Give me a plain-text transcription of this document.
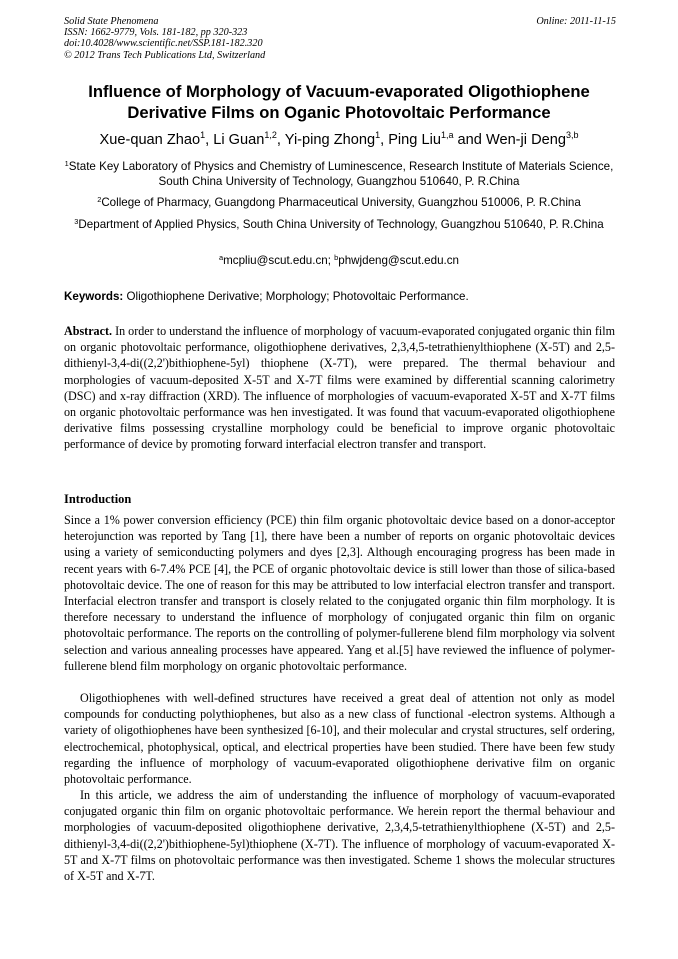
Solid State Phenomena
ISSN: 1662-9779, Vols. 181-182, pp 320-323
doi:10.4028/www.scientific.net/SSP.181-182.320
© 2012 Trans Tech Publications Ltd, Switzerland
Online: 2011-11-15
Influence of Morphology of Vacuum-evaporated Oligothiophene
Derivative Films on Oganic Photovoltaic Performance
Xue-quan Zhao$^1$, Li Guan$^{1,2}$, Yi-ping Zhong$^1$, Ping Liu$^{1,a}$ and Wen-ji Deng$^{3,b}$
$^1$State Key Laboratory of Physics and Chemistry of Luminescence, Research Institute of Materials Science, South China University of Technology, Guangzhou 510640, P. R.China
$^2$College of Pharmacy, Guangdong Pharmaceutical University, Guangzhou 510006, P. R.China
$^3$Department of Applied Physics, South China University of Technology, Guangzhou 510640, P. R.China
$^a$mcpliu@scut.edu.cn; $^b$phwjdeng@scut.edu.cn
Keywords: Oligothiophene Derivative; Morphology; Photovoltaic Performance.
Abstract. In order to understand the influence of morphology of vacuum-evaporated conjugated organic thin film on organic photovoltaic performance, oligothiophene derivatives, 2,3,4,5-tetrathienylthiophene (X-5T) and 2,5-dithienyl-3,4-di((2,2')bithiophene-5yl) thiophene (X-7T), were prepared. The thermal behaviour and morphologies of vacuum-deposited X-5T and X-7T films were examined by differential scanning calorimetry (DSC) and x-ray diffraction (XRD). The influence of morphologies of vacuum-evaporated X-5T and X-7T films on organic photovoltaic performance was hen investigated. It was found that vacuum-evaporated oligothiophene derivative films possessing crystalline morphology could be beneficial to improve organic photovoltaic performance of device by promoting forward interfacial electron transfer and transport.
Introduction
Since a 1% power conversion efficiency (PCE) thin film organic photovoltaic device based on a donor-acceptor heterojunction was reported by Tang [1], there have been a number of reports on organic photovoltaic devices using a variety of semiconducting polymers and dyes [2,3]. Although encouraging progress has been made in recent years with 6-7.4% PCE [4], the PCE of organic photovoltaic device is still lower than those of silica-based photovoltaic device. The one of reason for this may be attributed to low interfacial electron transfer and transport. Interfacial electron transfer and transport is closely related to the conjugated organic thin film morphology. It is therefore necessary to understand the influence of morphology of conjugated organic thin film on organic photovoltaic performance. The reports on the controlling of polymer-fullerene blend film morphology via solvent selection and various annealing processes have appeared. Yang et al.[5] have reviewed the influence of polymer-fullerene blend film morphology on organic photovoltaic performance.
Oligothiophenes with well-defined structures have received a great deal of attention not only as model compounds for conducting polythiophenes, but also as a new class of functional -electron systems. Although a variety of oligothiophenes have been synthesized [6-10], and their molecular and crystal structures, self ordering, electrochemical, photophysical, optical, and electrical properties have been studied. There have been few study regarding the influence of morphology of vacuum-evaporated oligothiophene derivative film on organic photovoltaic performance.
In this article, we address the aim of understanding the influence of morphology of vacuum-evaporated conjugated organic thin film on organic photovoltaic performance. We herein report the thermal behaviour and morphologies of vacuum-deposited oligothiophene derivative, 2,3,4,5-tetrathienylthiophene (X-5T) and 2,5-dithienyl-3,4-di((2,2')bithiophene-5yl)thiophene (X-7T). The influence of morphology of vacuum-evaporated X-5T and X-7T films on photovoltaic performance was then investigated. Scheme 1 shows the molecular structures of X-5T and X-7T.
